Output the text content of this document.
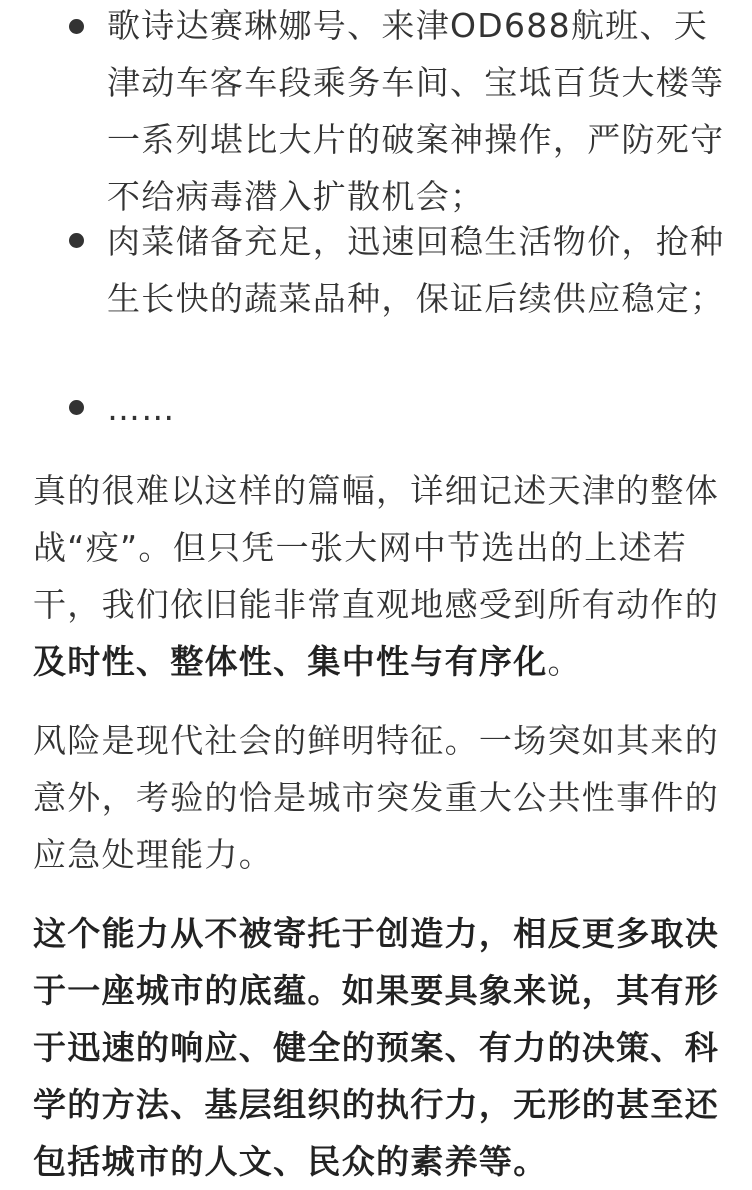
歌诗达赛琳娜号、来津OD688航班、天津动车客车段乘务车间、宝坻百货大楼等一系列堪比大片的破案神操作，严防死守不给病毒潜入扩散机会；
肉菜储备充足，迅速回稳生活物价，抢种生长快的蔬菜品种，保证后续供应稳定；
……

真的很难以这样的篇幅，详细记述天津的整体战“疫”。但只凭一张大网中节选出的上述若干，我们依旧能非常直观地感受到所有动作的及时性、整体性、集中性与有序化。

风险是现代社会的鲜明特征。一场突如其来的意外，考验的恰是城市突发重大公共性事件的应急处理能力。

这个能力从不被寄托于创造力，相反更多取决于一座城市的底蕴。如果要具象来说，其有形于迅速的响应、健全的预案、有力的决策、科学的方法、基层组织的执行力，无形的甚至还包括城市的人文、民众的素养等。
